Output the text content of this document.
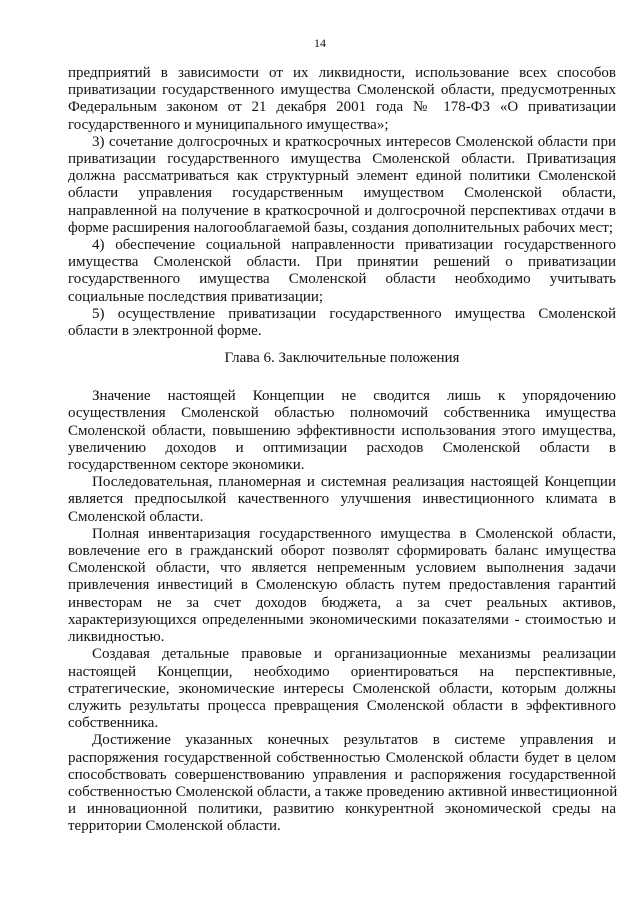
14
предприятий в зависимости от их ликвидности, использование всех способов
приватизации государственного имущества Смоленской области, предусмотренных
Федеральным законом от 21 декабря 2001 года № 178-ФЗ «О приватизации
государственного и муниципального имущества»;
3) сочетание долгосрочных и краткосрочных интересов Смоленской области при
приватизации государственного имущества Смоленской области. Приватизация
должна рассматриваться как структурный элемент единой политики Смоленской
области управления государственным имуществом Смоленской области,
направленной на получение в краткосрочной и долгосрочной перспективах отдачи в
форме расширения налогооблагаемой базы, создания дополнительных рабочих мест;
4) обеспечение социальной направленности приватизации государственного
имущества Смоленской области. При принятии решений о приватизации
государственного имущества Смоленской области необходимо учитывать
социальные последствия приватизации;
5) осуществление приватизации государственного имущества Смоленской
области в электронной форме.
Глава 6. Заключительные положения
Значение настоящей Концепции не сводится лишь к упорядочению
осуществления Смоленской областью полномочий собственника имущества
Смоленской области, повышению эффективности использования этого имущества,
увеличению доходов и оптимизации расходов Смоленской области в
государственном секторе экономики.
Последовательная, планомерная и системная реализация настоящей Концепции
является предпосылкой качественного улучшения инвестиционного климата в
Смоленской области.
Полная инвентаризация государственного имущества в Смоленской области,
вовлечение его в гражданский оборот позволят сформировать баланс имущества
Смоленской области, что является непременным условием выполнения задачи
привлечения инвестиций в Смоленскую область путем предоставления гарантий
инвесторам не за счет доходов бюджета, а за счет реальных активов,
характеризующихся определенными экономическими показателями - стоимостью и
ликвидностью.
Создавая детальные правовые и организационные механизмы реализации
настоящей Концепции, необходимо ориентироваться на перспективные,
стратегические, экономические интересы Смоленской области, которым должны
служить результаты процесса превращения Смоленской области в эффективного
собственника.
Достижение указанных конечных результатов в системе управления и
распоряжения государственной собственностью Смоленской области будет в целом
способствовать совершенствованию управления и распоряжения государственной
собственностью Смоленской области, а также проведению активной инвестиционной
и инновационной политики, развитию конкурентной экономической среды на
территории Смоленской области.
